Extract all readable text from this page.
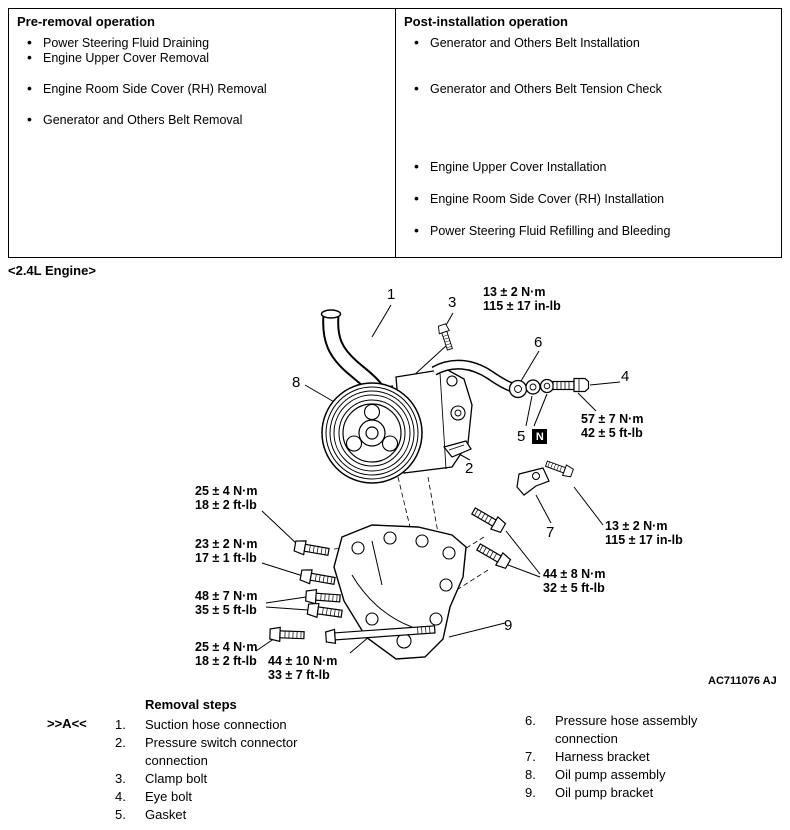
Pre-removal operation
• Power Steering Fluid Draining
• Engine Upper Cover Removal
• Engine Room Side Cover (RH) Removal
• Generator and Others Belt Removal
Post-installation operation
• Generator and Others Belt Installation
• Generator and Others Belt Tension Check
• Engine Upper Cover Installation
• Engine Room Side Cover (RH) Installation
• Power Steering Fluid Refilling and Bleeding
<2.4L Engine>
1	3
6
4
8
2
7
9
5 N
13 ± 2 N·m
115 ± 17 in-lb
57 ± 7 N·m
42 ± 5 ft-lb
13 ± 2 N·m
115 ± 17 in-lb
25 ± 4 N·m
18 ± 2 ft-lb
23 ± 2 N·m
17 ± 1 ft-lb
48 ± 7 N·m
35 ± 5 ft-lb
25 ± 4 N·m
18 ± 2 ft-lb 44 ± 10 N·m
33 ± 7 ft-lb
44 ± 8 N·m
32 ± 5 ft-lb
AC711076 AJ
Removal steps
>>A<< 1.	Suction hose connection
2.	Pressure switch connector connection
3.	Clamp bolt
4.	Eye bolt
5.	Gasket
6.	Pressure hose assembly connection
7.	Harness bracket
8.	Oil pump assembly
9.	Oil pump bracket
